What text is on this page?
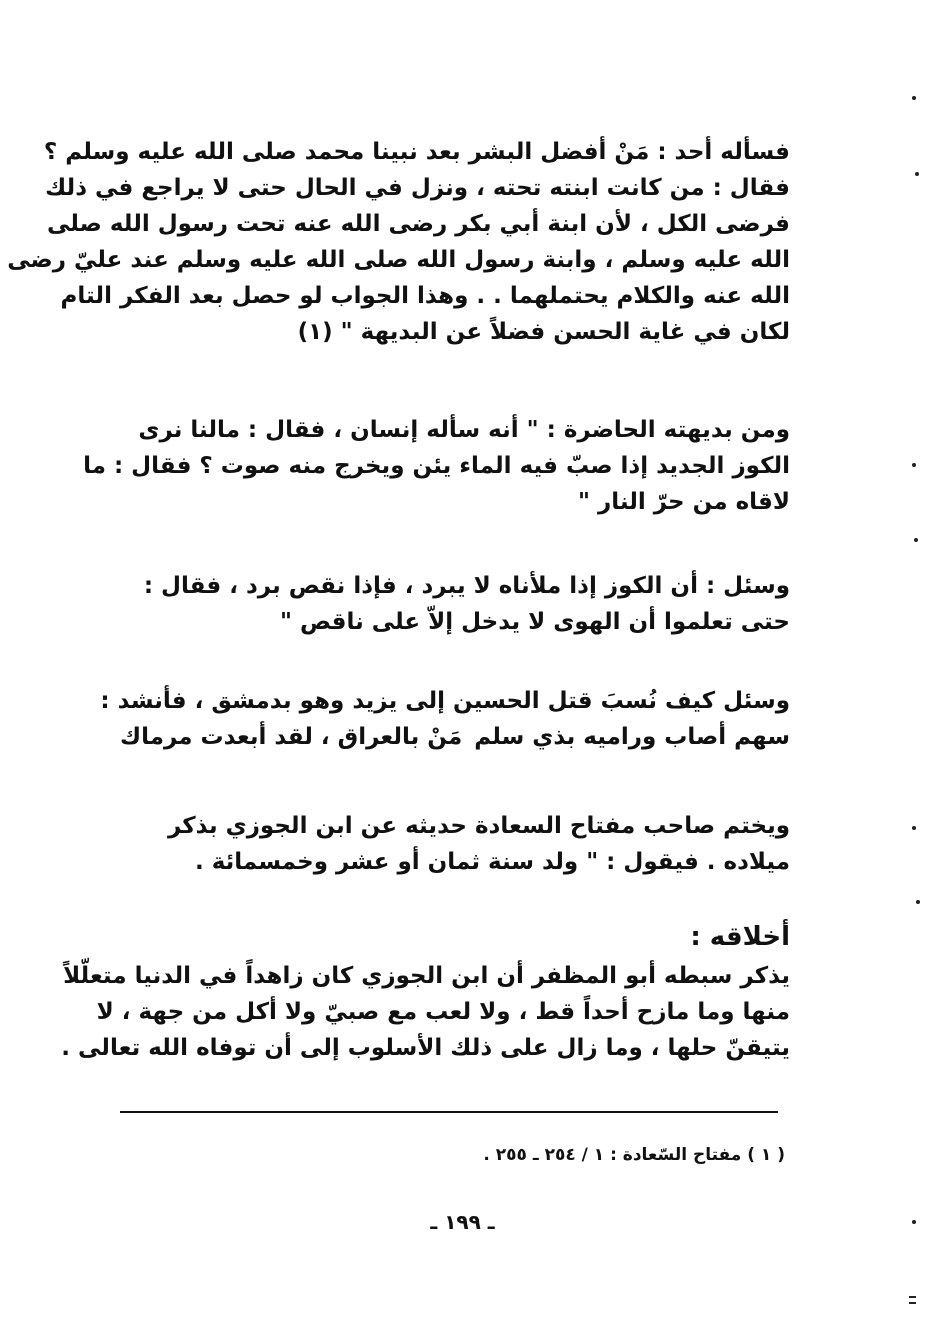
فسأله أحد : مَنْ أفضل البشر بعد نبينا محمد صلى الله عليه وسلم ؟
فقال : من كانت ابنته تحته ، ونزل في الحال حتى لا يراجع في ذلك
فرضى الكل ، لأن ابنة أبي بكر رضى الله عنه تحت رسول الله صلى
الله عليه وسلم ، وابنة رسول الله صلى الله عليه وسلم عند عليّ رضى
الله عنه والكلام يحتملهما . . وهذا الجواب لو حصل بعد الفكر التام
لكان في غاية الحسن فضلاً عن البديهة " (١)
ومن بديهته الحاضرة : " أنه سأله إنسان ، فقال : مالنا نرى
الكوز الجديد إذا صبّ فيه الماء يئن ويخرج منه صوت ؟ فقال : ما
لاقاه من حرّ النار "
وسئل : أن الكوز إذا ملأناه لا يبرد ، فإذا نقص برد ، فقال :
حتى تعلموا أن الهوى لا يدخل إلاّ على ناقص "
وسئل كيف نُسبَ قتل الحسين إلى يزيد وهو بدمشق ، فأنشد :
سهم أصاب وراميه بذي سلم
مَنْ بالعراق ، لقد أبعدت مرماك
ويختم صاحب مفتاح السعادة حديثه عن ابن الجوزي بذكر
ميلاده . فيقول : " ولد سنة ثمان أو عشر وخمسمائة .
أخلاقه :
يذكر سبطه أبو المظفر أن ابن الجوزي كان زاهداً في الدنيا متعلّلاً
منها وما مازح أحداً قط ، ولا لعب مع صبيّ ولا أكل من جهة ، لا
يتيقنّ حلها ، وما زال على ذلك الأسلوب إلى أن توفاه الله تعالى .
( ١ ) مفتاح السّعادة : ١ / ٢٥٤ ـ ٢٥٥ .
ـ ١٩٩ ـ
